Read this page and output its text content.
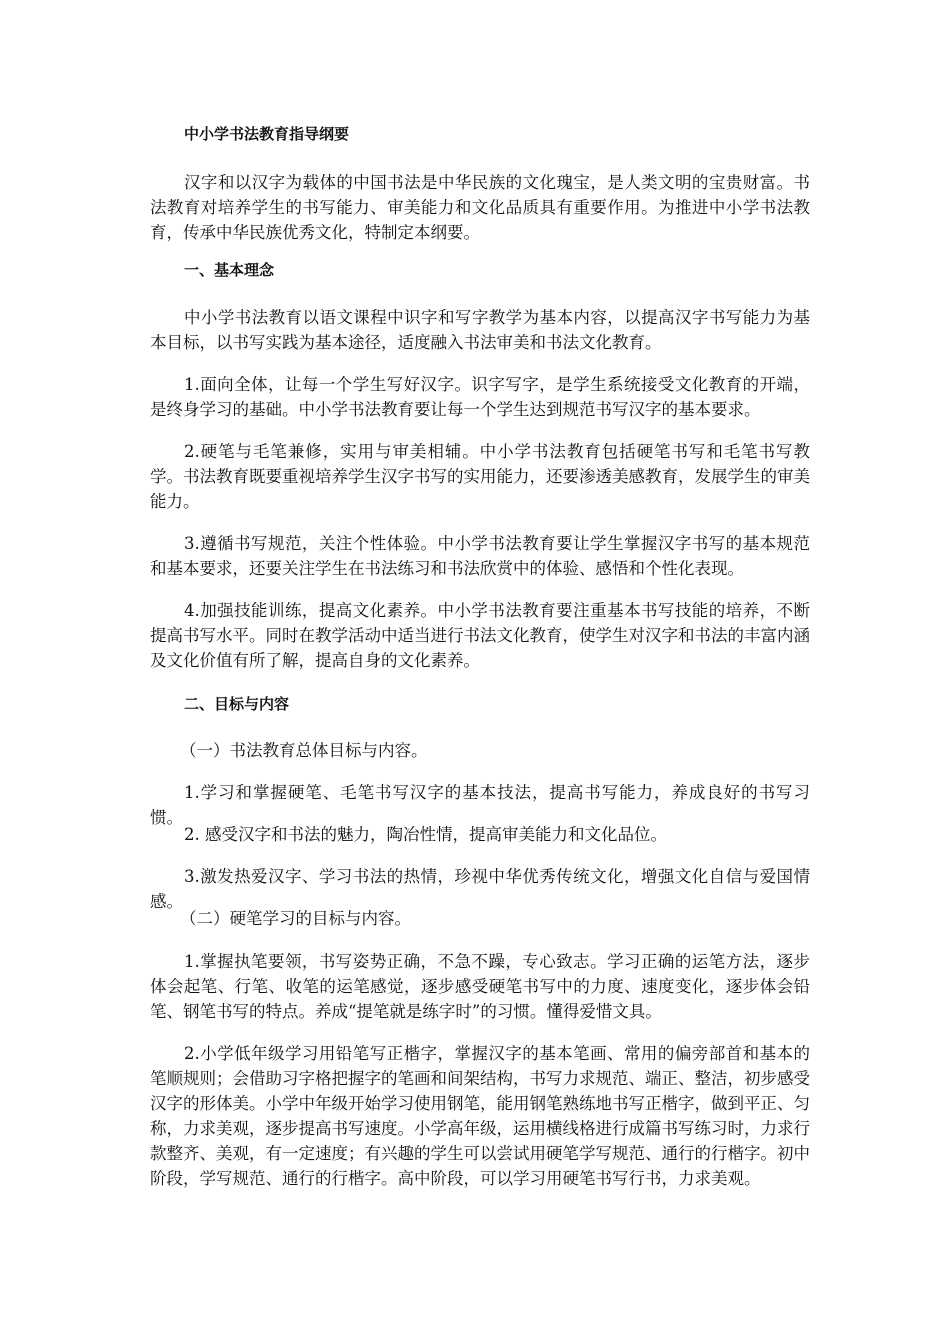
中小学书法教育指导纲要

汉字和以汉字为载体的中国书法是中华民族的文化瑰宝，是人类文明的宝贵财富。书法教育对培养学生的书写能力、审美能力和文化品质具有重要作用。为推进中小学书法教育，传承中华民族优秀文化，特制定本纲要。

一、基本理念

中小学书法教育以语文课程中识字和写字教学为基本内容，以提高汉字书写能力为基本目标，以书写实践为基本途径，适度融入书法审美和书法文化教育。

1.面向全体，让每一个学生写好汉字。识字写字，是学生系统接受文化教育的开端，是终身学习的基础。中小学书法教育要让每一个学生达到规范书写汉字的基本要求。

2.硬笔与毛笔兼修，实用与审美相辅。中小学书法教育包括硬笔书写和毛笔书写教学。书法教育既要重视培养学生汉字书写的实用能力，还要渗透美感教育，发展学生的审美能力。

3.遵循书写规范，关注个性体验。中小学书法教育要让学生掌握汉字书写的基本规范和基本要求，还要关注学生在书法练习和书法欣赏中的体验、感悟和个性化表现。

4.加强技能训练，提高文化素养。中小学书法教育要注重基本书写技能的培养，不断提高书写水平。同时在教学活动中适当进行书法文化教育，使学生对汉字和书法的丰富内涵及文化价值有所了解，提高自身的文化素养。

二、目标与内容

（一）书法教育总体目标与内容。

1.学习和掌握硬笔、毛笔书写汉字的基本技法，提高书写能力，养成良好的书写习惯。

2. 感受汉字和书法的魅力，陶冶性情，提高审美能力和文化品位。

3.激发热爱汉字、学习书法的热情，珍视中华优秀传统文化，增强文化自信与爱国情感。

（二）硬笔学习的目标与内容。

1.掌握执笔要领，书写姿势正确，不急不躁，专心致志。学习正确的运笔方法，逐步体会起笔、行笔、收笔的运笔感觉，逐步感受硬笔书写中的力度、速度变化，逐步体会铅笔、钢笔书写的特点。养成“提笔就是练字时”的习惯。懂得爱惜文具。

2.小学低年级学习用铅笔写正楷字，掌握汉字的基本笔画、常用的偏旁部首和基本的笔顺规则；会借助习字格把握字的笔画和间架结构，书写力求规范、端正、整洁，初步感受汉字的形体美。小学中年级开始学习使用钢笔，能用钢笔熟练地书写正楷字，做到平正、匀称，力求美观，逐步提高书写速度。小学高年级，运用横线格进行成篇书写练习时，力求行款整齐、美观，有一定速度；有兴趣的学生可以尝试用硬笔学写规范、通行的行楷字。初中阶段，学写规范、通行的行楷字。高中阶段，可以学习用硬笔书写行书，力求美观。
